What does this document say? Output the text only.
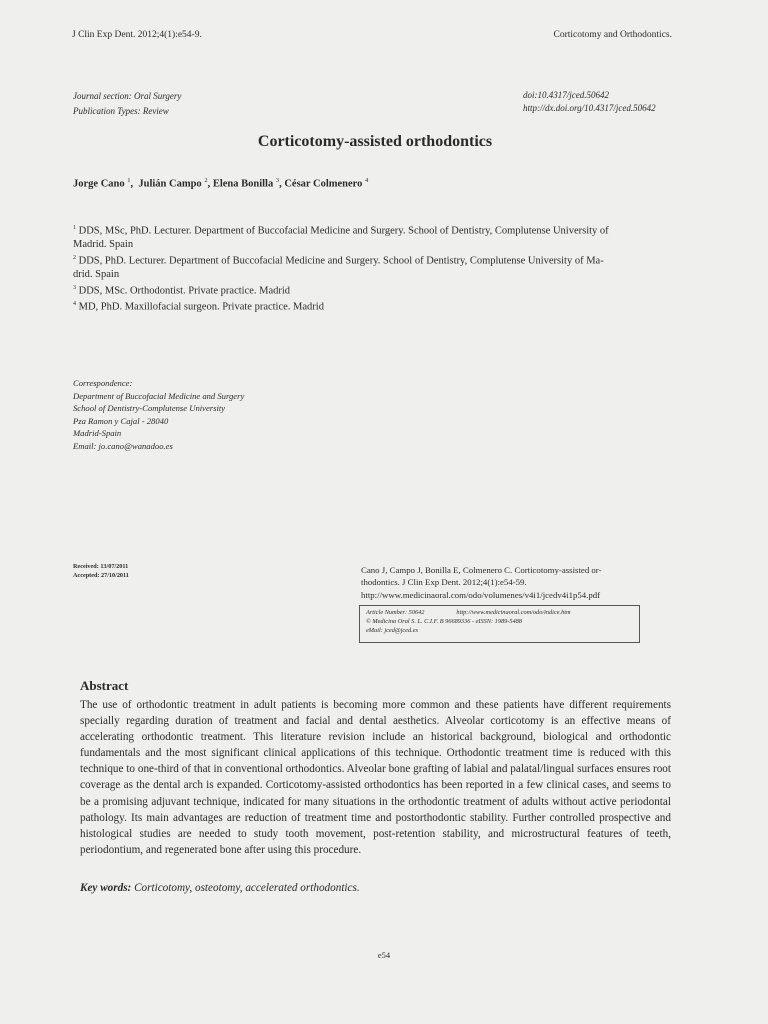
J Clin Exp Dent. 2012;4(1):e54-9.	Corticotomy and Orthodontics.
Journal section: Oral Surgery
Publication Types: Review
doi:10.4317/jced.50642
http://dx.doi.org/10.4317/jced.50642
Corticotomy-assisted orthodontics
Jorge Cano $^1$,  Julián Campo $^2$, Elena Bonilla $^3$, César Colmenero $^4$
$^1$ DDS, MSc, PhD. Lecturer. Department of Buccofacial Medicine and Surgery. School of Dentistry, Complutense University of
Madrid. Spain
$^2$ DDS, PhD. Lecturer. Department of Buccofacial Medicine and Surgery. School of Dentistry, Complutense University of Ma-
drid. Spain
$^3$ DDS, MSc. Orthodontist. Private practice. Madrid
$^4$ MD, PhD. Maxillofacial surgeon. Private practice. Madrid
Correspondence:
Department of Buccofacial Medicine and Surgery
School of Dentistry-Complutense University
Pza Ramon y Cajal - 28040
Madrid-Spain
Email: jo.cano@wanadoo.es
Received: 13/07/2011
Accepted: 27/10/2011
Cano J, Campo J, Bonilla E, Colmenero C. Corticotomy-assisted or-
thodontics. J Clin Exp Dent. 2012;4(1):e54-59.
http://www.medicinaoral.com/odo/volumenes/v4i1/jcedv4i1p54.pdf
Article Number: 50642	http://www.medicinaoral.com/odo/indice.htm
© Medicina Oral S. L. C.I.F. B 96689336 - eISSN: 1989-5488
eMail: jced@jced.es
Abstract

The use of orthodontic treatment in adult patients is becoming more common and these patients have different requirements specially regarding duration of treatment and facial and dental aesthetics. Alveolar corticotomy is an effective means of accelerating orthodontic treatment. This literature revision include an historical background, biological and orthodontic fundamentals and the most significant clinical applications of this technique. Orthodontic treatment time is reduced with this technique to one-third of that in conventional orthodontics. Alveolar bone grafting of labial and palatal/lingual surfaces ensures root coverage as the dental arch is expanded. Corticotomy-assisted orthodontics has been reported in a few clinical cases, and seems to be a promising adjuvant technique, indicated for many situations in the orthodontic treatment of adults without active periodontal pathology. Its main advantages are reduction of treatment time and postorthodontic stability. Further controlled prospective and histological studies are needed to study tooth movement, post-retention stability, and microstructural features of teeth, periodontium, and regenerated bone after using this procedure.

Key words: Corticotomy, osteotomy, accelerated orthodontics.
e54
